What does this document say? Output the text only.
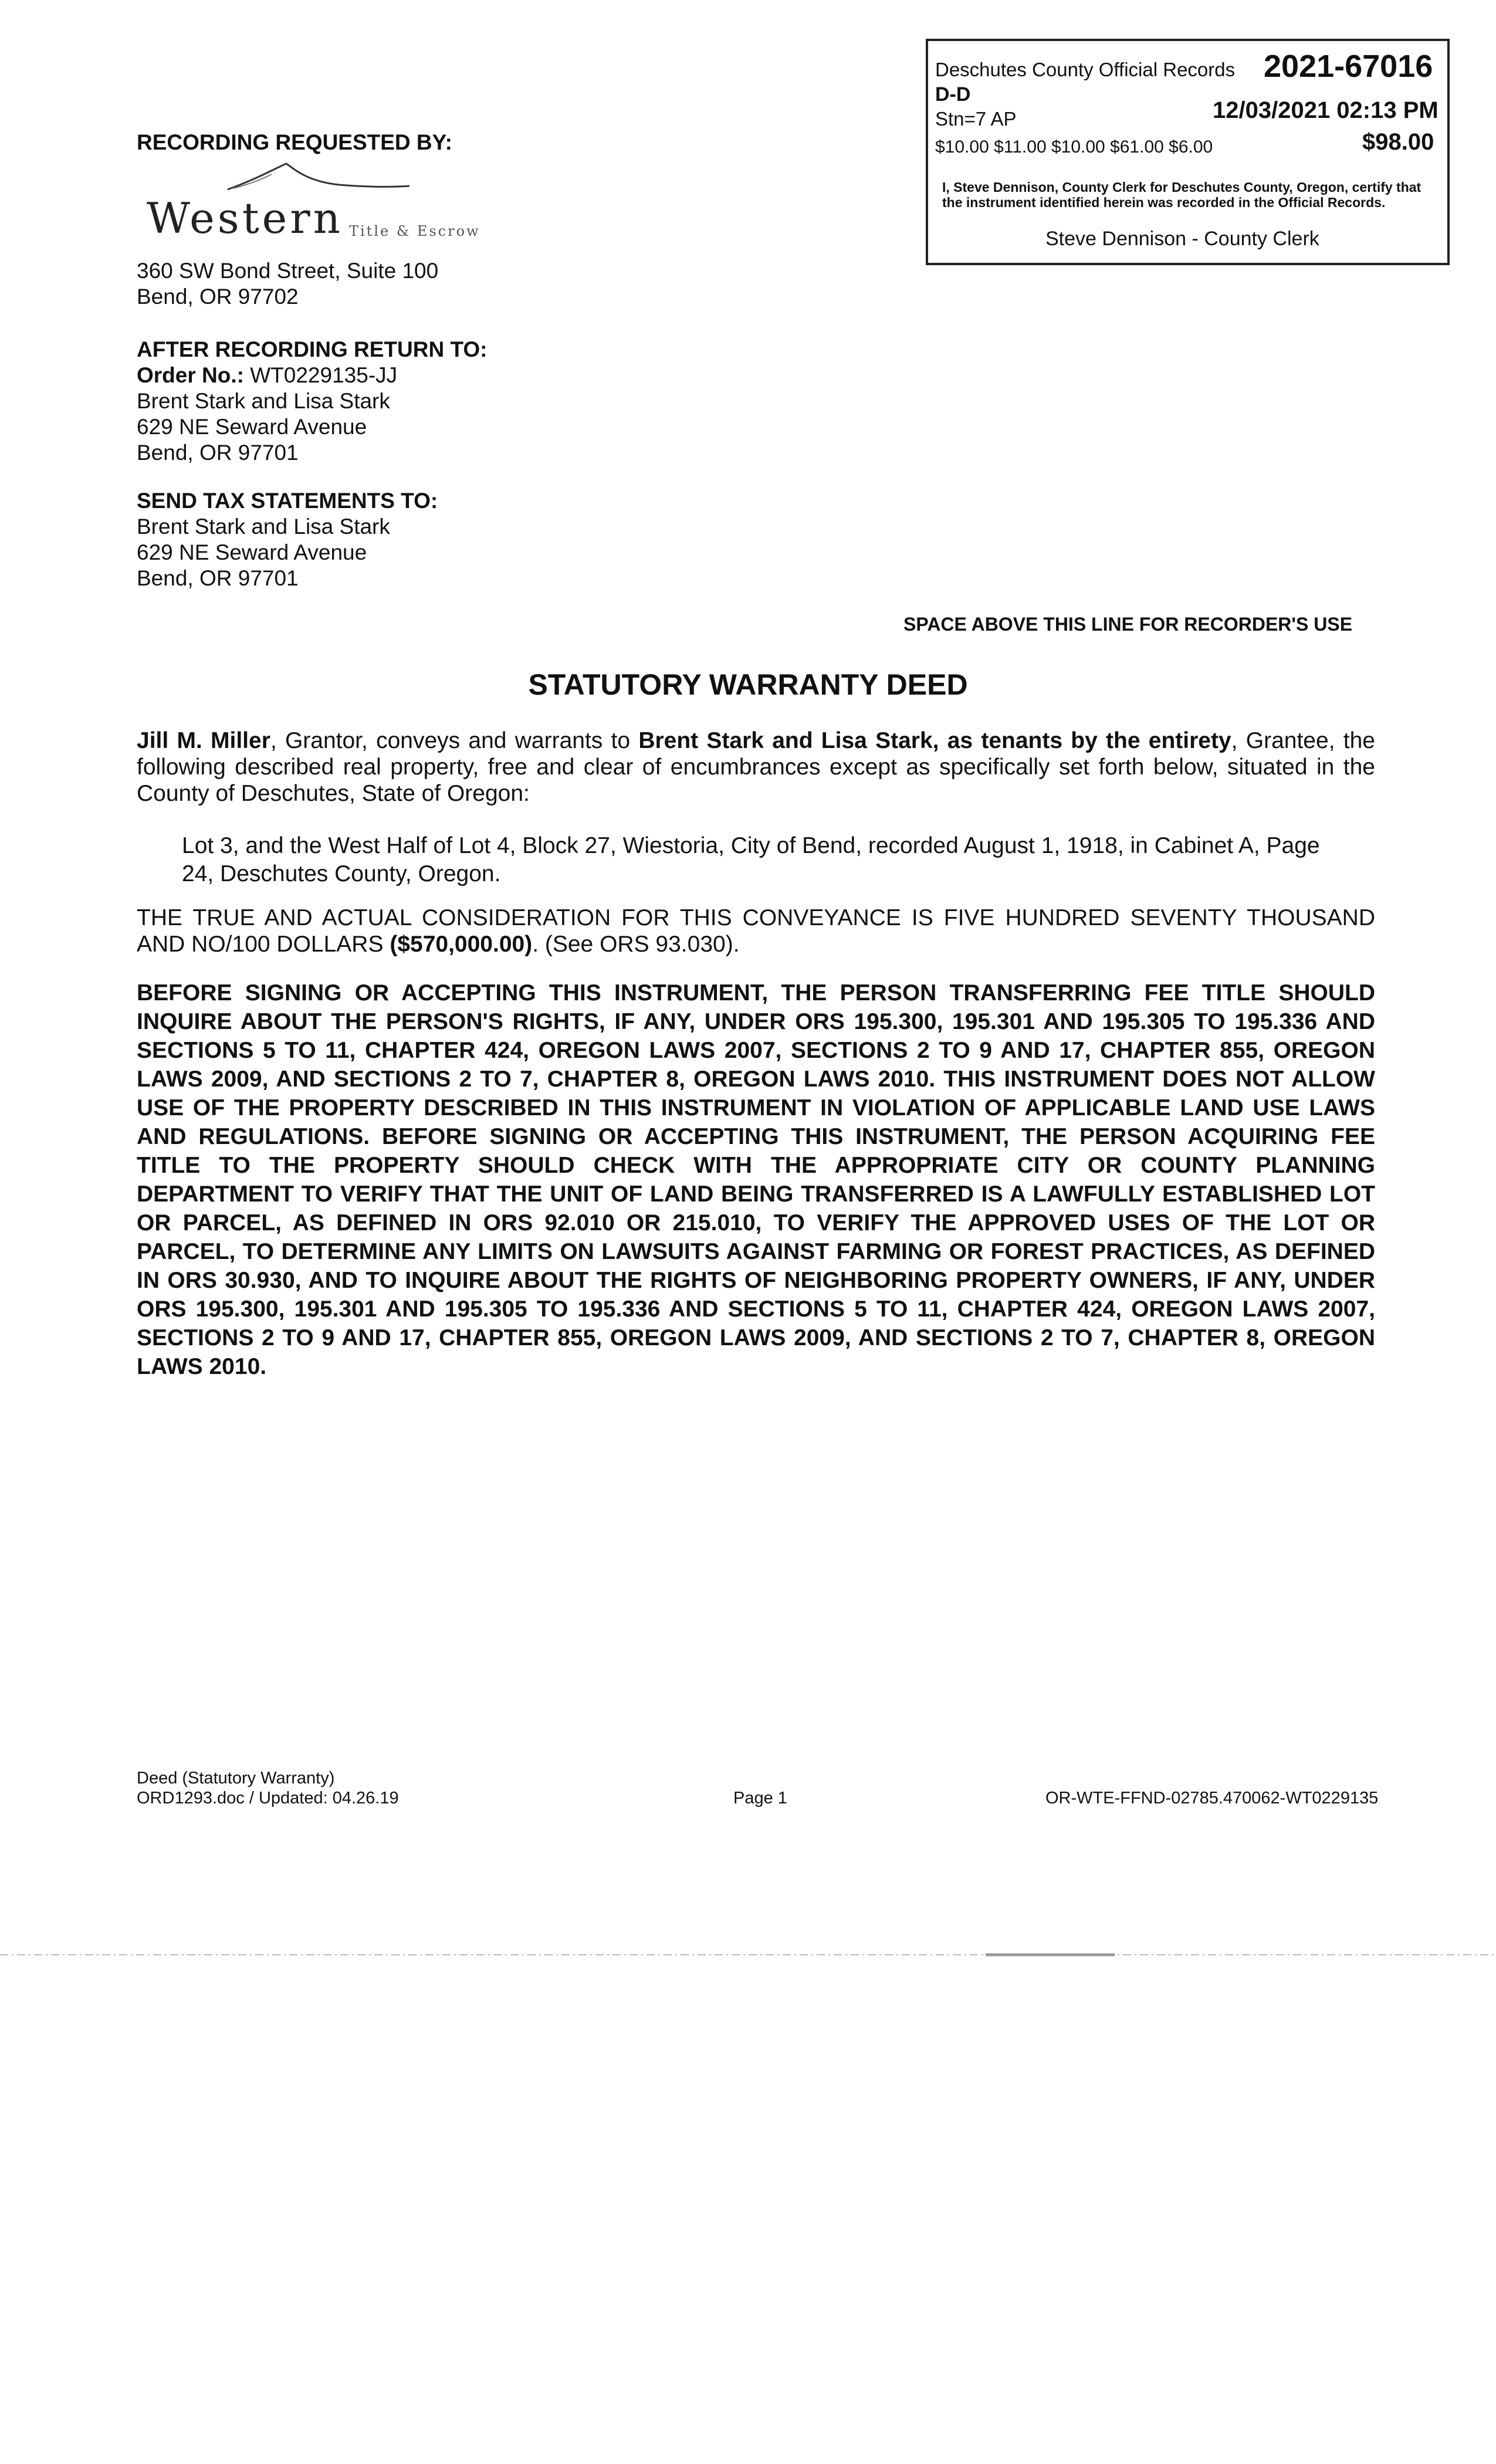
Deschutes County Official Records 2021-67016
D-D
Stn=7 AP	12/03/2021 02:13 PM
$10.00 $11.00 $10.00 $61.00 $6.00	$98.00
I, Steve Dennison, County Clerk for Deschutes County, Oregon, certify that the instrument identified herein was recorded in the Official Records.
Steve Dennison - County Clerk
RECORDING REQUESTED BY:
Western Title & Escrow
360 SW Bond Street, Suite 100
Bend, OR 97702
AFTER RECORDING RETURN TO:
Order No.: WT0229135-JJ
Brent Stark and Lisa Stark
629 NE Seward Avenue
Bend, OR 97701
SEND TAX STATEMENTS TO:
Brent Stark and Lisa Stark
629 NE Seward Avenue
Bend, OR 97701
SPACE ABOVE THIS LINE FOR RECORDER'S USE
STATUTORY WARRANTY DEED
Jill M. Miller, Grantor, conveys and warrants to Brent Stark and Lisa Stark, as tenants by the entirety, Grantee, the following described real property, free and clear of encumbrances except as specifically set forth below, situated in the County of Deschutes, State of Oregon:
Lot 3, and the West Half of Lot 4, Block 27, Wiestoria, City of Bend, recorded August 1, 1918, in Cabinet A, Page 24, Deschutes County, Oregon.
THE TRUE AND ACTUAL CONSIDERATION FOR THIS CONVEYANCE IS FIVE HUNDRED SEVENTY THOUSAND AND NO/100 DOLLARS ($570,000.00). (See ORS 93.030).
BEFORE SIGNING OR ACCEPTING THIS INSTRUMENT, THE PERSON TRANSFERRING FEE TITLE SHOULD INQUIRE ABOUT THE PERSON'S RIGHTS, IF ANY, UNDER ORS 195.300, 195.301 AND 195.305 TO 195.336 AND SECTIONS 5 TO 11, CHAPTER 424, OREGON LAWS 2007, SECTIONS 2 TO 9 AND 17, CHAPTER 855, OREGON LAWS 2009, AND SECTIONS 2 TO 7, CHAPTER 8, OREGON LAWS 2010. THIS INSTRUMENT DOES NOT ALLOW USE OF THE PROPERTY DESCRIBED IN THIS INSTRUMENT IN VIOLATION OF APPLICABLE LAND USE LAWS AND REGULATIONS. BEFORE SIGNING OR ACCEPTING THIS INSTRUMENT, THE PERSON ACQUIRING FEE TITLE TO THE PROPERTY SHOULD CHECK WITH THE APPROPRIATE CITY OR COUNTY PLANNING DEPARTMENT TO VERIFY THAT THE UNIT OF LAND BEING TRANSFERRED IS A LAWFULLY ESTABLISHED LOT OR PARCEL, AS DEFINED IN ORS 92.010 OR 215.010, TO VERIFY THE APPROVED USES OF THE LOT OR PARCEL, TO DETERMINE ANY LIMITS ON LAWSUITS AGAINST FARMING OR FOREST PRACTICES, AS DEFINED IN ORS 30.930, AND TO INQUIRE ABOUT THE RIGHTS OF NEIGHBORING PROPERTY OWNERS, IF ANY, UNDER ORS 195.300, 195.301 AND 195.305 TO 195.336 AND SECTIONS 5 TO 11, CHAPTER 424, OREGON LAWS 2007, SECTIONS 2 TO 9 AND 17, CHAPTER 855, OREGON LAWS 2009, AND SECTIONS 2 TO 7, CHAPTER 8, OREGON LAWS 2010.
Deed (Statutory Warranty)
ORD1293.doc / Updated: 04.26.19	Page 1	OR-WTE-FFND-02785.470062-WT0229135
